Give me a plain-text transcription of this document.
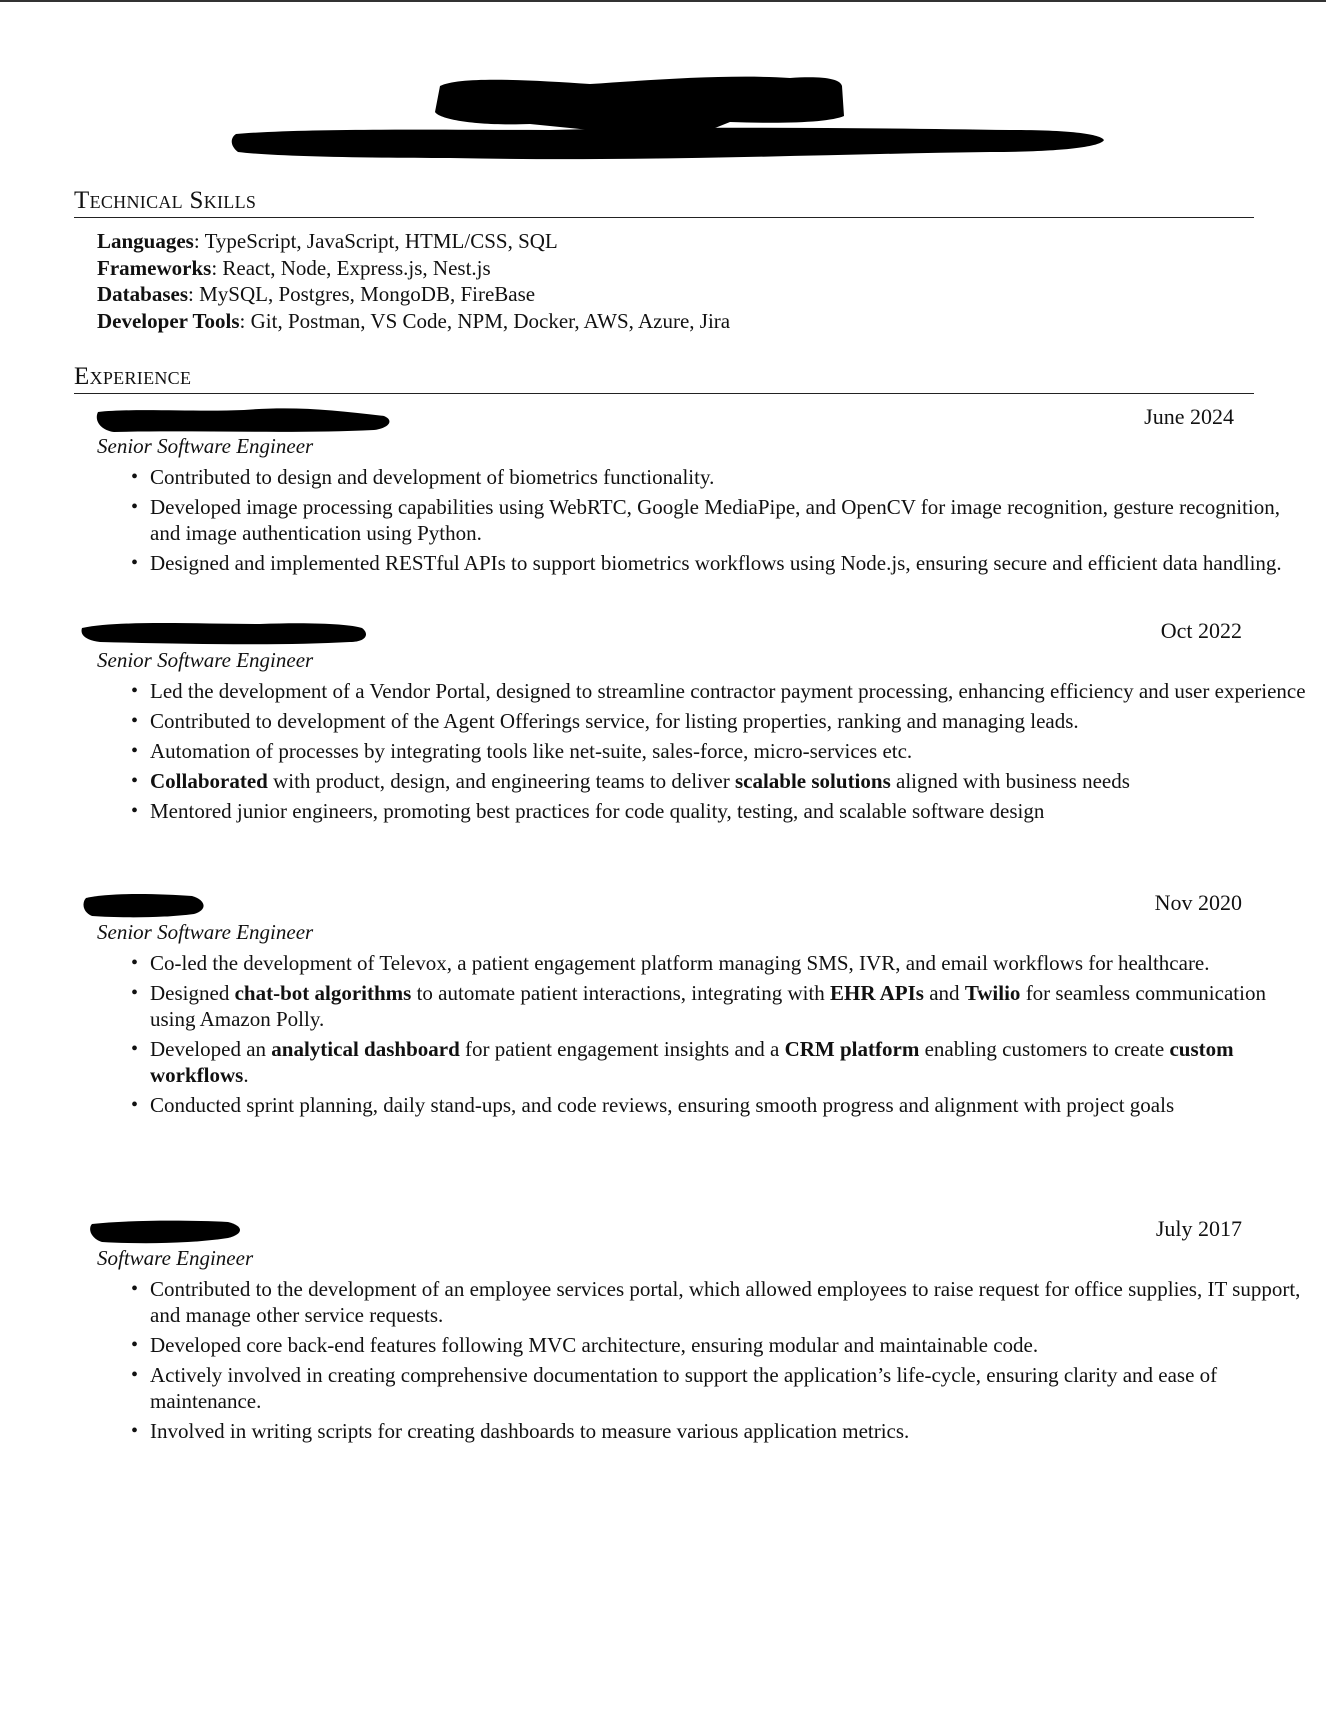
Technical Skills
Languages: TypeScript, JavaScript, HTML/CSS, SQL
Frameworks: React, Node, Express.js, Nest.js
Databases: MySQL, Postgres, MongoDB, FireBase
Developer Tools: Git, Postman, VS Code, NPM, Docker, AWS, Azure, Jira
Experience
June 2024
Senior Software Engineer
• Contributed to design and development of biometrics functionality.
• Developed image processing capabilities using WebRTC, Google MediaPipe, and OpenCV for image recognition, gesture recognition, and image authentication using Python.
• Designed and implemented RESTful APIs to support biometrics workflows using Node.js, ensuring secure and efficient data handling.
Oct 2022
Senior Software Engineer
• Led the development of a Vendor Portal, designed to streamline contractor payment processing, enhancing efficiency and user experience
• Contributed to development of the Agent Offerings service, for listing properties, ranking and managing leads.
• Automation of processes by integrating tools like net-suite, sales-force, micro-services etc.
• Collaborated with product, design, and engineering teams to deliver scalable solutions aligned with business needs
• Mentored junior engineers, promoting best practices for code quality, testing, and scalable software design
Nov 2020
Senior Software Engineer
• Co-led the development of Televox, a patient engagement platform managing SMS, IVR, and email workflows for healthcare.
• Designed chat-bot algorithms to automate patient interactions, integrating with EHR APIs and Twilio for seamless communication using Amazon Polly.
• Developed an analytical dashboard for patient engagement insights and a CRM platform enabling customers to create custom workflows.
• Conducted sprint planning, daily stand-ups, and code reviews, ensuring smooth progress and alignment with project goals
July 2017
Software Engineer
• Contributed to the development of an employee services portal, which allowed employees to raise request for office supplies, IT support, and manage other service requests.
• Developed core back-end features following MVC architecture, ensuring modular and maintainable code.
• Actively involved in creating comprehensive documentation to support the application’s life-cycle, ensuring clarity and ease of maintenance.
• Involved in writing scripts for creating dashboards to measure various application metrics.
